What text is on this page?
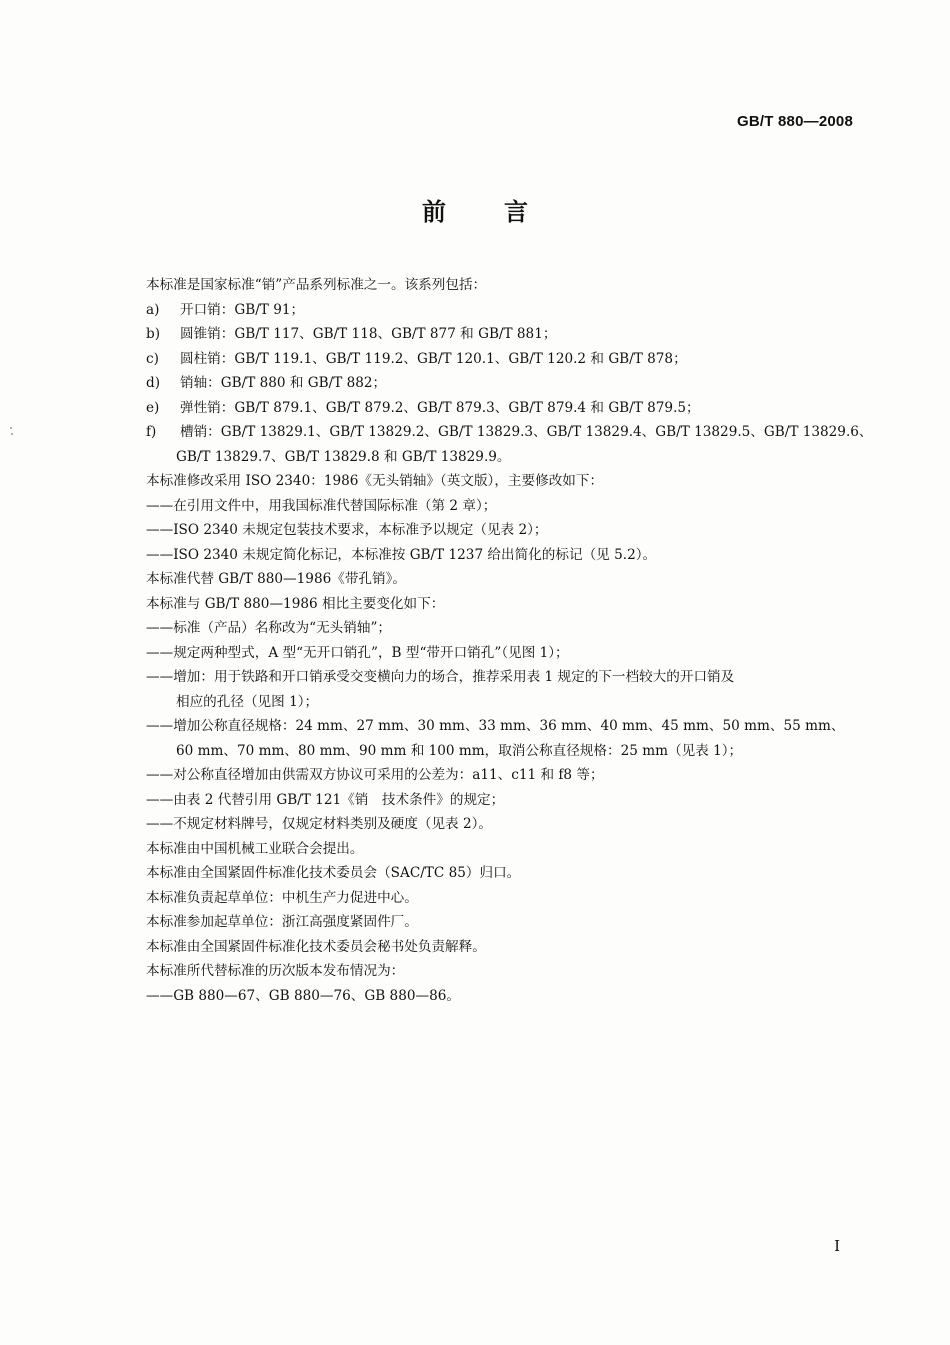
GB/T 880—2008
前言
本标准是国家标准“销”产品系列标准之一。该系列包括：
a)	开口销：GB/T 91；
b)	圆锥销：GB/T 117、GB/T 118、GB/T 877 和 GB/T 881；
c)	圆柱销：GB/T 119.1、GB/T 119.2、GB/T 120.1、GB/T 120.2 和 GB/T 878；
d)	销轴：GB/T 880 和 GB/T 882；
e)	弹性销：GB/T 879.1、GB/T 879.2、GB/T 879.3、GB/T 879.4 和 GB/T 879.5；
f)	槽销：GB/T 13829.1、GB/T 13829.2、GB/T 13829.3、GB/T 13829.4、GB/T 13829.5、GB/T 13829.6、
GB/T 13829.7、GB/T 13829.8 和 GB/T 13829.9。
本标准修改采用 ISO 2340：1986《无头销轴》（英文版），主要修改如下：
——在引用文件中，用我国标准代替国际标准（第 2 章）；
——ISO 2340 未规定包装技术要求，本标准予以规定（见表 2）；
——ISO 2340 未规定简化标记，本标准按 GB/T 1237 给出简化的标记（见 5.2）。
本标准代替 GB/T 880—1986《带孔销》。
本标准与 GB/T 880—1986 相比主要变化如下：
——标准（产品）名称改为“无头销轴”；
——规定两种型式，A 型“无开口销孔”，B 型“带开口销孔”（见图 1）；
——增加：用于铁路和开口销承受交变横向力的场合，推荐采用表 1 规定的下一档较大的开口销及
相应的孔径（见图 1）；
——增加公称直径规格：24 mm、27 mm、30 mm、33 mm、36 mm、40 mm、45 mm、50 mm、55 mm、
60 mm、70 mm、80 mm、90 mm 和 100 mm，取消公称直径规格：25 mm（见表 1）；
——对公称直径增加由供需双方协议可采用的公差为：a11、c11 和 f8 等；
——由表 2 代替引用 GB/T 121《销　技术条件》的规定；
——不规定材料牌号，仅规定材料类别及硬度（见表 2）。
本标准由中国机械工业联合会提出。
本标准由全国紧固件标准化技术委员会（SAC/TC 85）归口。
本标准负责起草单位：中机生产力促进中心。
本标准参加起草单位：浙江高强度紧固件厂。
本标准由全国紧固件标准化技术委员会秘书处负责解释。
本标准所代替标准的历次版本发布情况为：
——GB 880—67、GB 880—76、GB 880—86。
I
